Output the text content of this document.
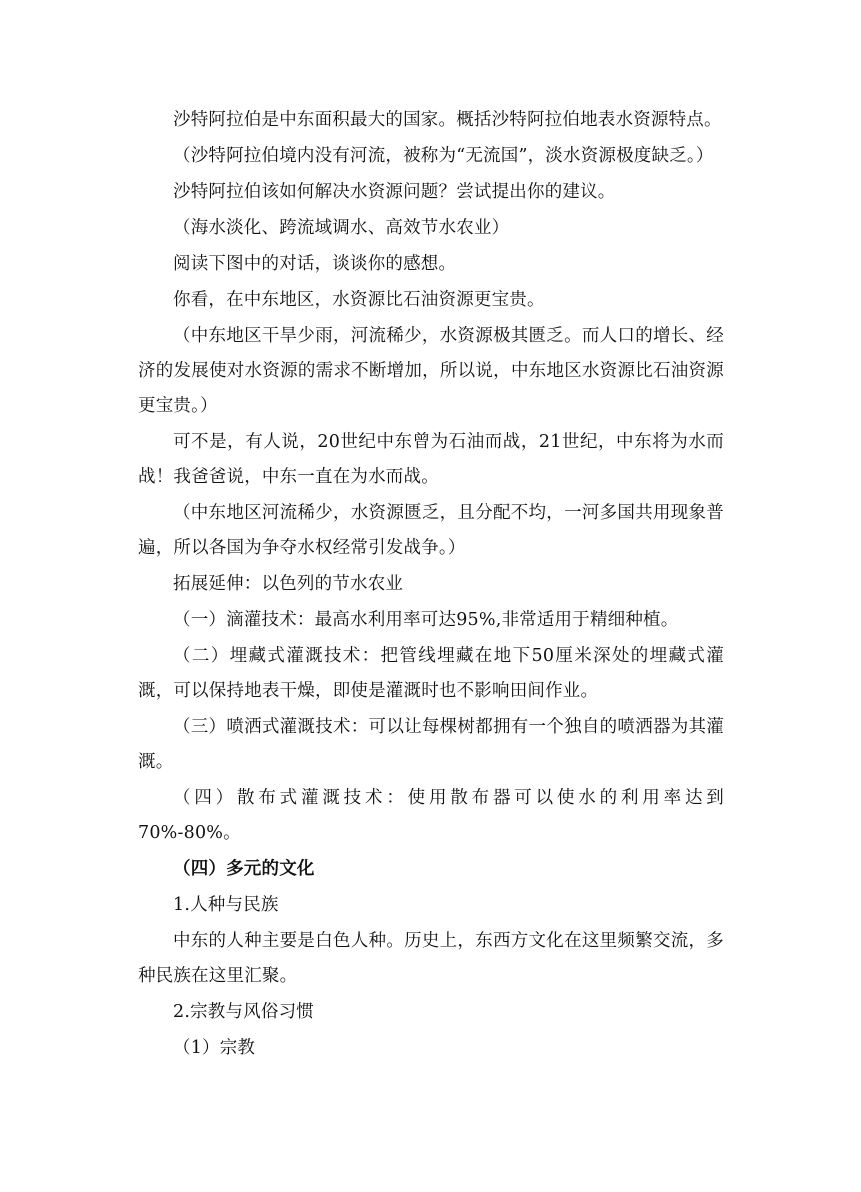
沙特阿拉伯是中东面积最大的国家。概括沙特阿拉伯地表水资源特点。

（沙特阿拉伯境内没有河流，被称为“无流国”，淡水资源极度缺乏。）

沙特阿拉伯该如何解决水资源问题？尝试提出你的建议。

（海水淡化、跨流域调水、高效节水农业）

阅读下图中的对话，谈谈你的感想。

你看，在中东地区，水资源比石油资源更宝贵。

（中东地区干旱少雨，河流稀少，水资源极其匮乏。而人口的增长、经济的发展使对水资源的需求不断增加，所以说，中东地区水资源比石油资源更宝贵。）

可不是，有人说，20世纪中东曾为石油而战，21世纪，中东将为水而战！我爸爸说，中东一直在为水而战。

（中东地区河流稀少，水资源匮乏，且分配不均，一河多国共用现象普遍，所以各国为争夺水权经常引发战争。）

拓展延伸：以色列的节水农业

（一）滴灌技术：最高水利用率可达95%,非常适用于精细种植。

（二）埋藏式灌溉技术：把管线埋藏在地下50厘米深处的埋藏式灌溉，可以保持地表干燥，即使是灌溉时也不影响田间作业。

（三）喷洒式灌溉技术：可以让每棵树都拥有一个独自的喷洒器为其灌溉。

（四）散布式灌溉技术：使用散布器可以使水的利用率达到70%-80%。

（四）多元的文化

1.人种与民族

中东的人种主要是白色人种。历史上，东西方文化在这里频繁交流，多种民族在这里汇聚。

2.宗教与风俗习惯

（1）宗教
